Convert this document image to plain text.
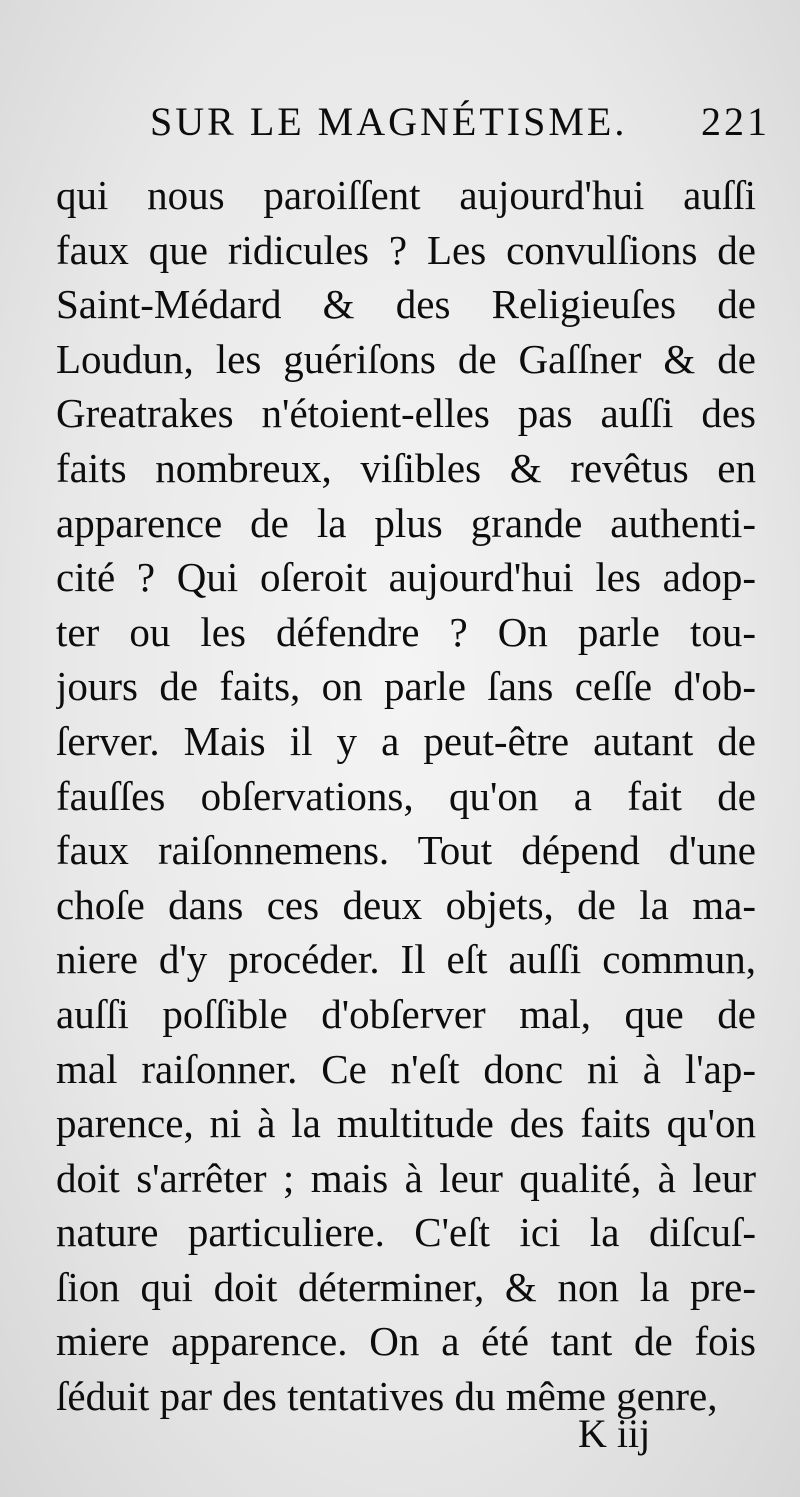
SUR LE MAGNÉTISME. 221
qui nous paroiſſent aujourd'hui auſſi
faux que ridicules ? Les convulſions de
Saint-Médard & des Religieuſes de
Loudun, les guériſons de Gaſſner & de
Greatrakes n'étoient-elles pas auſſi des
faits nombreux, viſibles & revêtus en
apparence de la plus grande authenti-
cité ? Qui oſeroit aujourd'hui les adop-
ter ou les défendre ? On parle tou-
jours de faits, on parle ſans ceſſe d'ob-
ſerver. Mais il y a peut-être autant de
fauſſes obſervations, qu'on a fait de
faux raiſonnemens. Tout dépend d'une
choſe dans ces deux objets, de la ma-
niere d'y procéder. Il eſt auſſi commun,
auſſi poſſible d'obſerver mal, que de
mal raiſonner. Ce n'eſt donc ni à l'ap-
parence, ni à la multitude des faits qu'on
doit s'arrêter ; mais à leur qualité, à leur
nature particuliere. C'eſt ici la diſcuſ-
ſion qui doit déterminer, & non la pre-
miere apparence. On a été tant de fois
ſéduit par des tentatives du même genre,
K iij
